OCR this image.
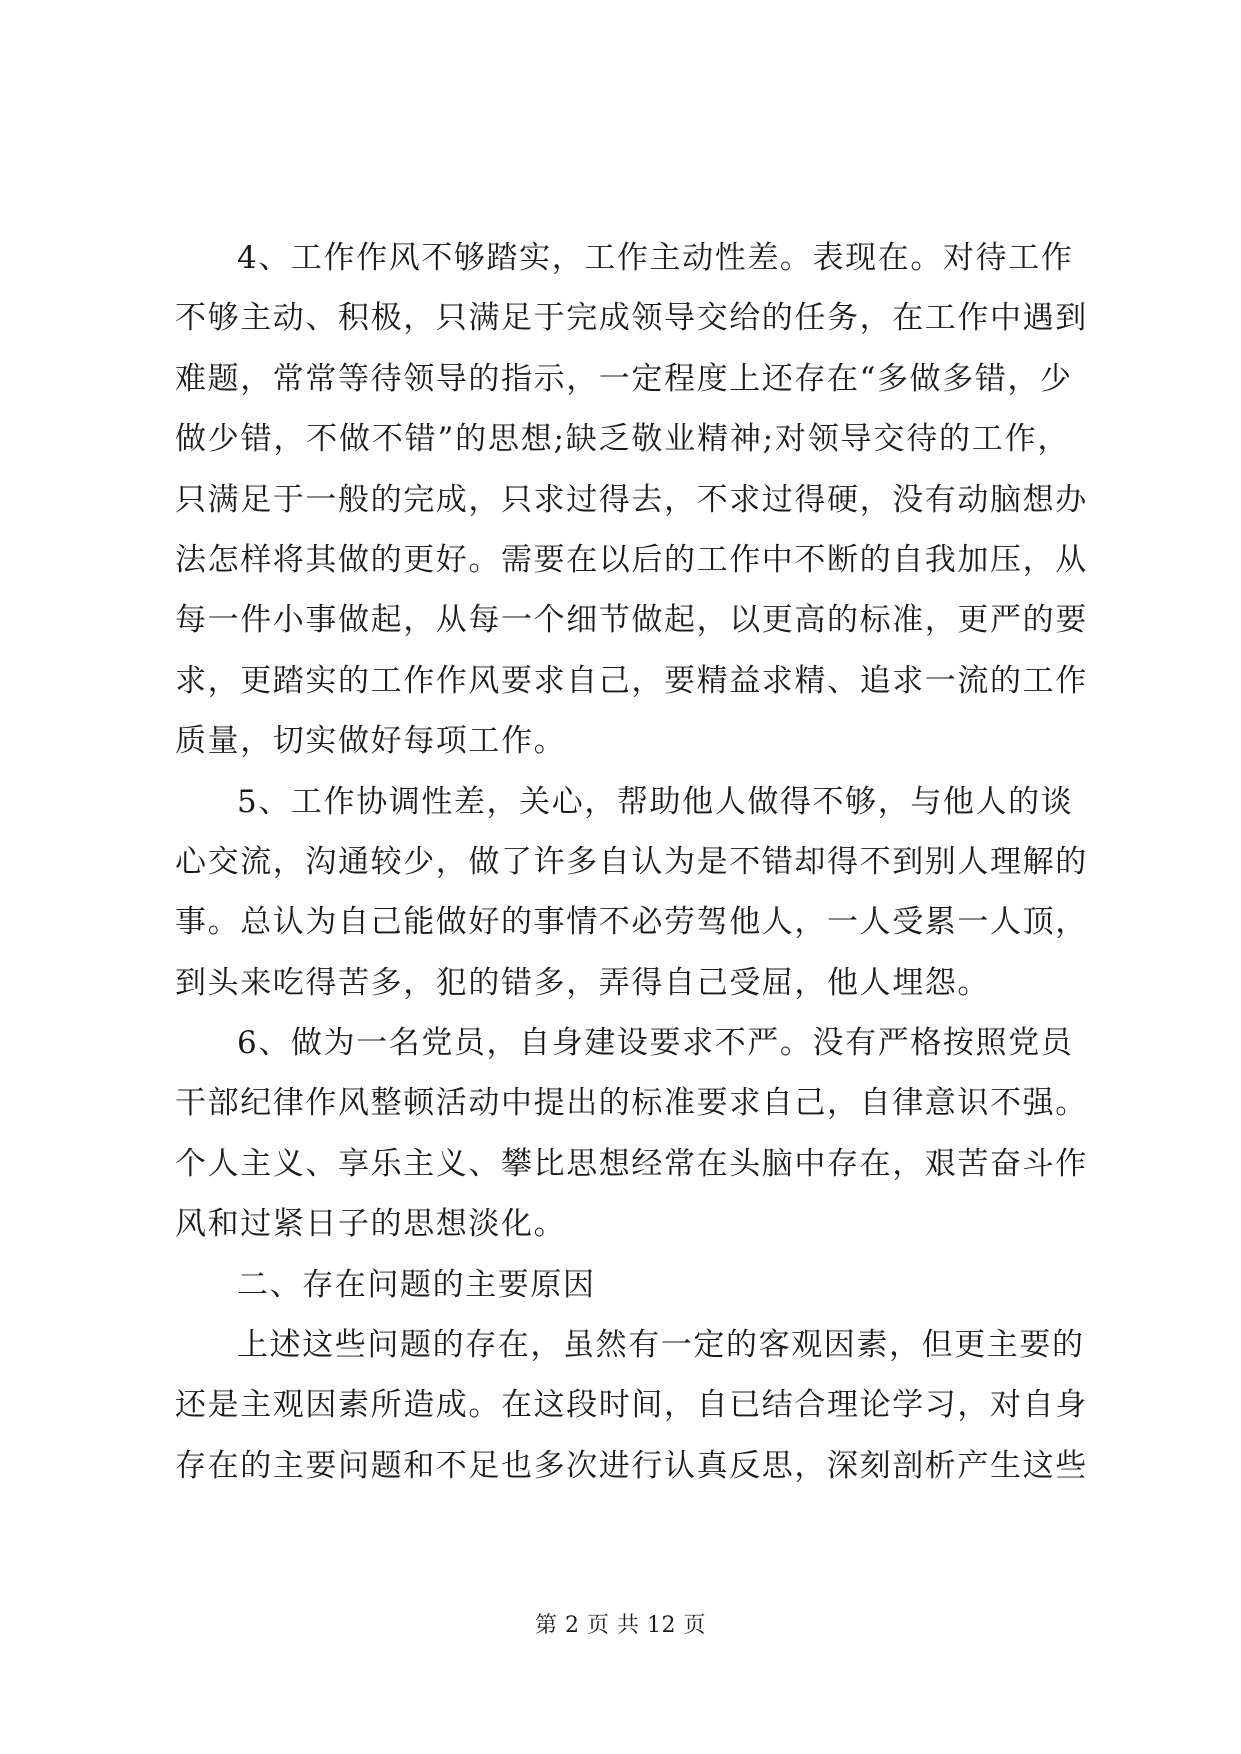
4、工作作风不够踏实，工作主动性差。表现在。对待工作
不够主动、积极，只满足于完成领导交给的任务，在工作中遇到
难题，常常等待领导的指示，一定程度上还存在“多做多错，少
做少错，不做不错”的思想;缺乏敬业精神;对领导交待的工作，
只满足于一般的完成，只求过得去，不求过得硬，没有动脑想办
法怎样将其做的更好。需要在以后的工作中不断的自我加压，从
每一件小事做起，从每一个细节做起，以更高的标准，更严的要
求，更踏实的工作作风要求自己，要精益求精、追求一流的工作
质量，切实做好每项工作。
5、工作协调性差，关心，帮助他人做得不够，与他人的谈
心交流，沟通较少，做了许多自认为是不错却得不到别人理解的
事。总认为自己能做好的事情不必劳驾他人，一人受累一人顶，
到头来吃得苦多，犯的错多，弄得自己受屈，他人埋怨。
6、做为一名党员，自身建设要求不严。没有严格按照党员
干部纪律作风整顿活动中提出的标准要求自己，自律意识不强。
个人主义、享乐主义、攀比思想经常在头脑中存在，艰苦奋斗作
风和过紧日子的思想淡化。
二、存在问题的主要原因
上述这些问题的存在，虽然有一定的客观因素，但更主要的
还是主观因素所造成。在这段时间，自已结合理论学习，对自身
存在的主要问题和不足也多次进行认真反思，深刻剖析产生这些
第 2 页 共 12 页
